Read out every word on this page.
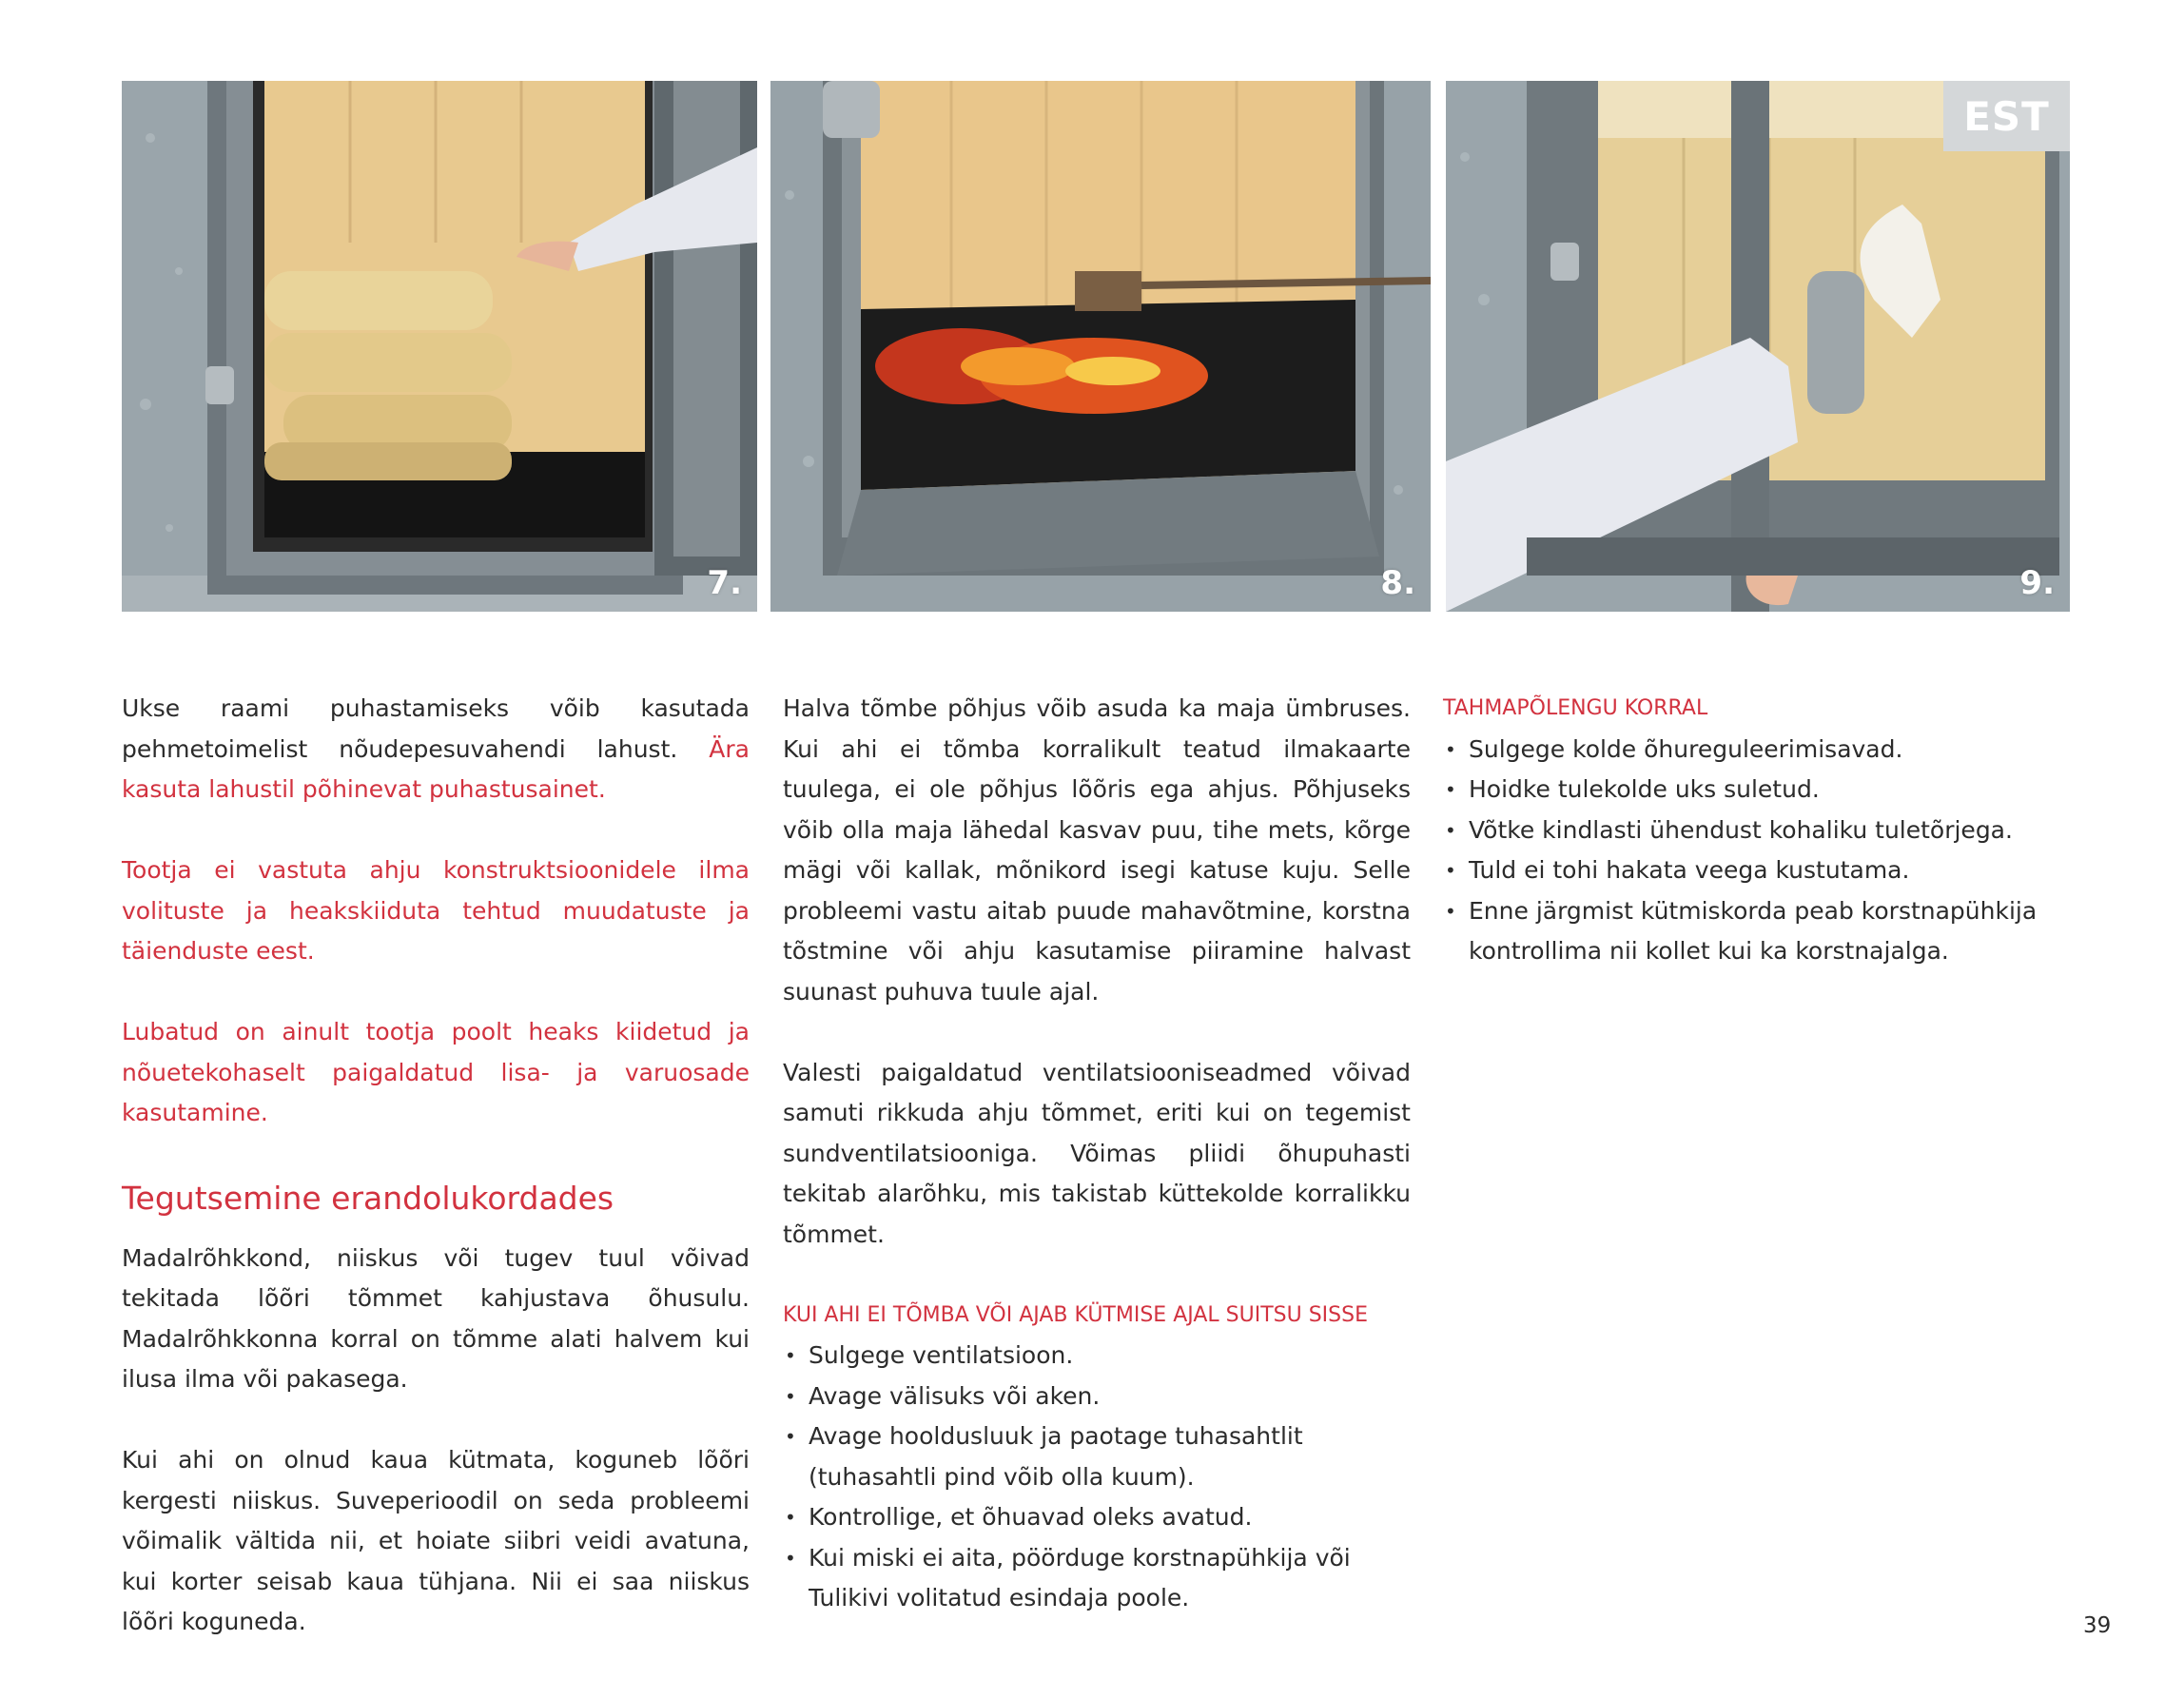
7.	8.	9.
EST

Ukse raami puhastamiseks võib kasutada pehmetoimelist nõudepesuvahendi lahust. Ära kasuta lahustil põhinevat puhastusainet.

Tootja ei vastuta ahju konstruktsioonidele ilma volituste ja heakskiiduta tehtud muudatuste ja täienduste eest.

Lubatud on ainult tootja poolt heaks kiidetud ja nõuetekohaselt paigaldatud lisa- ja varuosade kasutamine.

Tegutsemine erandolukordades

Madalrõhkkond, niiskus või tugev tuul võivad tekitada lõõri tõmmet kahjustava õhusulu. Madalrõhkkonna korral on tõmme alati halvem kui ilusa ilma või pakasega.

Kui ahi on olnud kaua kütmata, koguneb lõõri kergesti niiskus. Suveperioodil on seda probleemi võimalik vältida nii, et hoiate siibri veidi avatuna, kui korter seisab kaua tühjana. Nii ei saa niiskus lõõri koguneda.

Halva tõmbe põhjus võib asuda ka maja ümbruses. Kui ahi ei tõmba korralikult teatud ilmakaarte tuulega, ei ole põhjus lõõris ega ahjus. Põhjuseks võib olla maja lähedal kasvav puu, tihe mets, kõrge mägi või kallak, mõnikord isegi katuse kuju. Selle probleemi vastu aitab puude mahavõtmine, korstna tõstmine või ahju kasutamise piiramine halvast suunast puhuva tuule ajal.

Valesti paigaldatud ventilatsiooniseadmed võivad samuti rikkuda ahju tõmmet, eriti kui on tegemist sundventilatsiooniga. Võimas pliidi õhupuhasti tekitab alarõhku, mis takistab küttekolde korralikku tõmmet.

KUI AHI EI TÕMBA VÕI AJAB KÜTMISE AJAL SUITSU SISSE
• Sulgege ventilatsioon.
• Avage välisuks või aken.
• Avage hooldusluuk ja paotage tuhasahtlit (tuhasahtli pind võib olla kuum).
• Kontrollige, et õhuavad oleks avatud.
• Kui miski ei aita, pöörduge korstnapühkija või Tulikivi volitatud esindaja poole.
TAHMAPÕLENGU KORRAL
• Sulgege kolde õhureguleerimisavad.
• Hoidke tulekolde uks suletud.
• Võtke kindlasti ühendust kohaliku tuletõrjega.
• Tuld ei tohi hakata veega kustutama.
• Enne järgmist kütmiskorda peab korstnapühkija kontrollima nii kollet kui ka korstnajalga.
39
